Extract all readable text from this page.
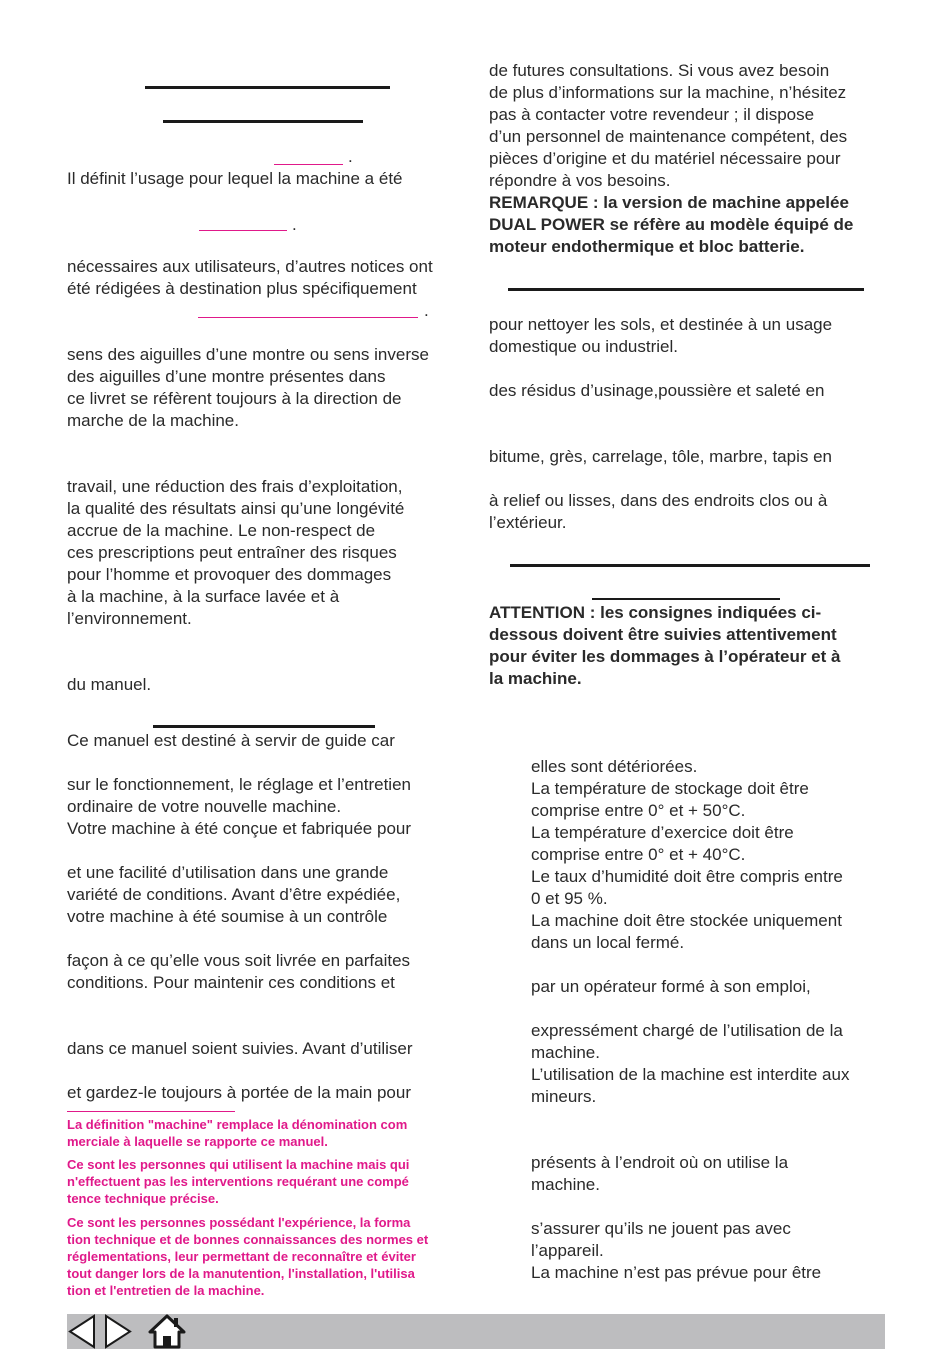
.

Il définit l’usage pour lequel la machine a été

.

nécessaires aux utilisateurs, d’autres notices ont
été rédigées à destination plus spécifiquement

.

sens des aiguilles d’une montre ou sens inverse
des aiguilles d’une montre présentes dans
ce livret se réfèrent toujours à la direction de
marche de la machine.

travail, une réduction des frais d’exploitation,
la qualité des résultats ainsi qu’une longévité
accrue de la machine. Le non-respect de
ces prescriptions peut entraîner des risques
pour l’homme et provoquer des dommages
à la machine, à la surface lavée et à
l’environnement.

du manuel.

Ce manuel est destiné à servir de guide car

sur le fonctionnement, le réglage et l’entretien
ordinaire de votre nouvelle machine.
Votre machine à été conçue et fabriquée pour

et une facilité d’utilisation dans une grande
variété de conditions. Avant d’être expédiée,
votre machine à été soumise à un contrôle

façon à ce qu’elle vous soit livrée en parfaites
conditions. Pour maintenir ces conditions et

dans ce manuel soient suivies. Avant d’utiliser

et gardez-le toujours à portée de la main pour

La définition "machine" remplace la dénomination com
merciale à laquelle se rapporte ce manuel.

Ce sont les personnes qui utilisent la machine mais qui
n'effectuent pas les interventions requérant une compé
tence technique précise.

Ce sont les personnes possédant l'expérience, la forma
tion technique et de bonnes connaissances des normes et
réglementations, leur permettant de reconnaître et éviter
tout danger lors de la manutention, l'installation, l'utilisa
tion et l'entretien de la machine.

de futures consultations. Si vous avez besoin
de plus d’informations sur la machine, n’hésitez
pas à contacter votre revendeur ; il dispose
d’un personnel de maintenance compétent, des
pièces d’origine et du matériel nécessaire pour
répondre à vos besoins.

REMARQUE : la version de machine appelée
DUAL POWER se réfère au modèle équipé de
moteur endothermique et bloc batterie.

pour nettoyer les sols, et destinée à un usage
domestique ou industriel.

des résidus d’usinage,poussière et saleté en

bitume, grès, carrelage, tôle, marbre, tapis en

à relief ou lisses, dans des endroits clos ou à
l’extérieur.

ATTENTION : les consignes indiquées ci-
dessous doivent être suivies attentivement
pour éviter les dommages à l’opérateur et à
la machine.

elles sont détériorées.
La température de stockage doit être
comprise entre 0° et + 50°C.
La température d’exercice doit être
comprise entre 0° et + 40°C.
Le taux d’humidité doit être compris entre
0 et 95 %.
La machine doit être stockée uniquement
dans un local fermé.

par un opérateur formé à son emploi,

expressément chargé de l’utilisation de la
machine.
L’utilisation de la machine est interdite aux
mineurs.

présents à l’endroit où on utilise la
machine.

s’assurer qu’ils ne jouent pas avec
l’appareil.
La machine n’est pas prévue pour être
